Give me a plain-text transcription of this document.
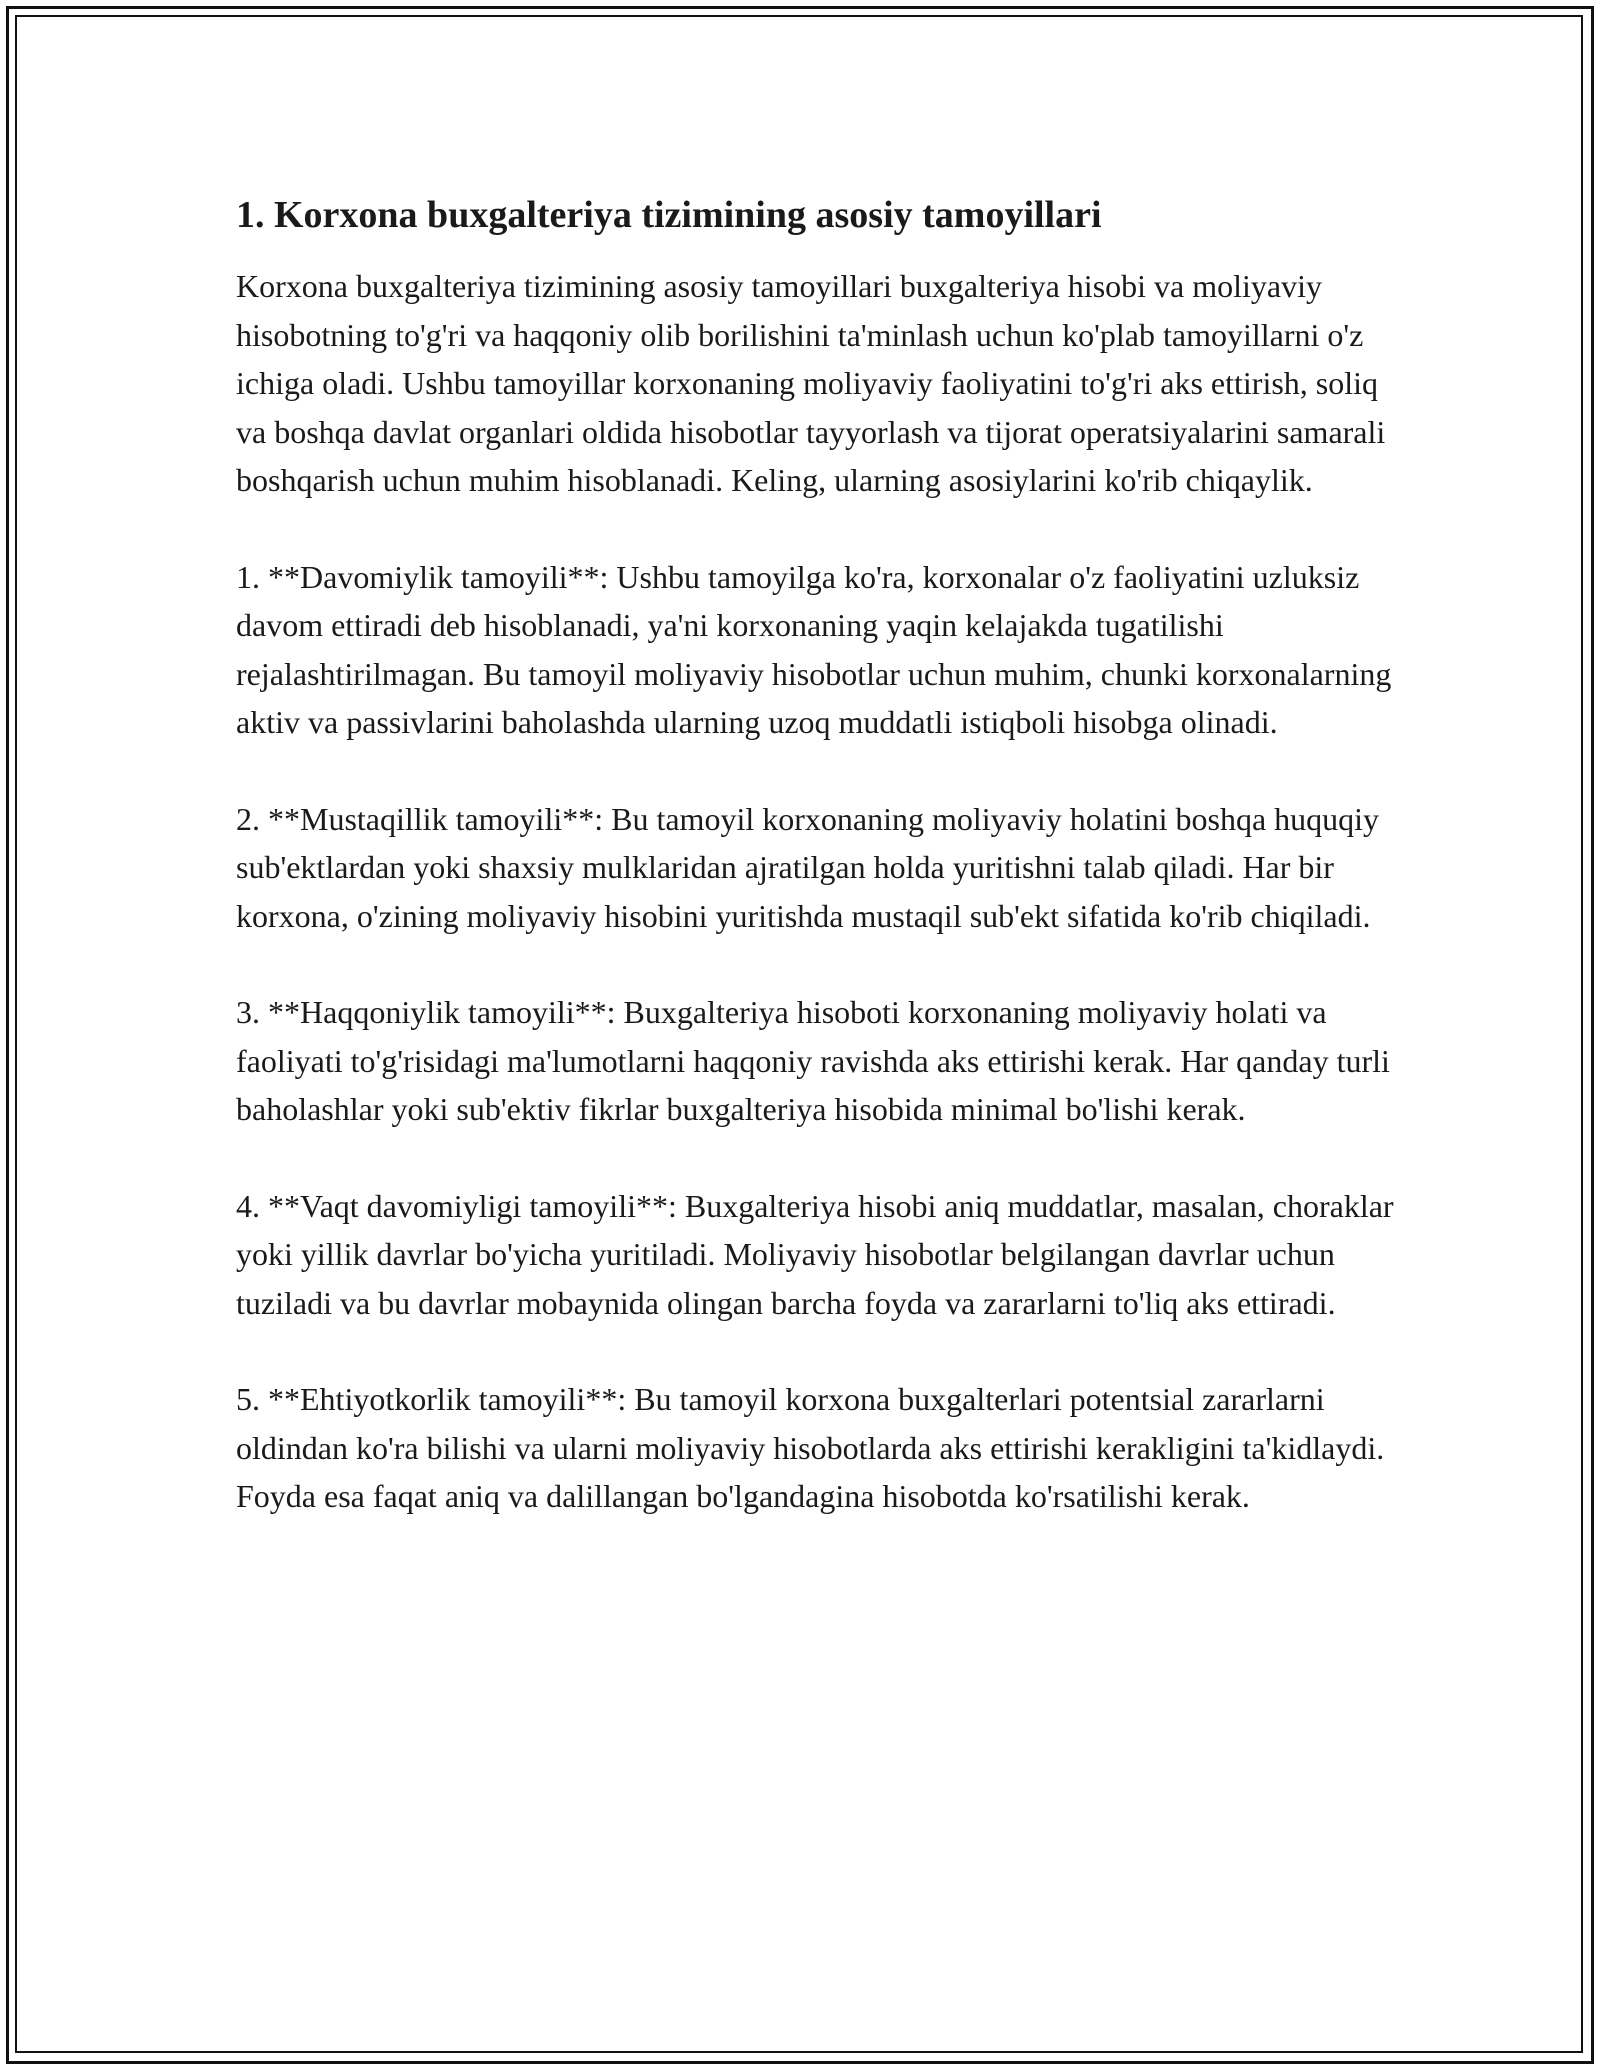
1. Korxona buxgalteriya tizimining asosiy tamoyillari

Korxona buxgalteriya tizimining asosiy tamoyillari buxgalteriya hisobi va moliyaviy hisobotning to'g'ri va haqqoniy olib borilishini ta'minlash uchun ko'plab tamoyillarni o'z ichiga oladi. Ushbu tamoyillar korxonaning moliyaviy faoliyatini to'g'ri aks ettirish, soliq va boshqa davlat organlari oldida hisobotlar tayyorlash va tijorat operatsiyalarini samarali boshqarish uchun muhim hisoblanadi. Keling, ularning asosiylarini ko'rib chiqaylik.

1. **Davomiylik tamoyili**: Ushbu tamoyilga ko'ra, korxonalar o'z faoliyatini uzluksiz davom ettiradi deb hisoblanadi, ya'ni korxonaning yaqin kelajakda tugatilishi rejalashtirilmagan. Bu tamoyil moliyaviy hisobotlar uchun muhim, chunki korxonalarning aktiv va passivlarini baholashda ularning uzoq muddatli istiqboli hisobga olinadi.

2. **Mustaqillik tamoyili**: Bu tamoyil korxonaning moliyaviy holatini boshqa huquqiy sub'ektlardan yoki shaxsiy mulklaridan ajratilgan holda yuritishni talab qiladi. Har bir korxona, o'zining moliyaviy hisobini yuritishda mustaqil sub'ekt sifatida ko'rib chiqiladi.

3. **Haqqoniylik tamoyili**: Buxgalteriya hisoboti korxonaning moliyaviy holati va faoliyati to'g'risidagi ma'lumotlarni haqqoniy ravishda aks ettirishi kerak. Har qanday turli baholashlar yoki sub'ektiv fikrlar buxgalteriya hisobida minimal bo'lishi kerak.

4. **Vaqt davomiyligi tamoyili**: Buxgalteriya hisobi aniq muddatlar, masalan, choraklar yoki yillik davrlar bo'yicha yuritiladi. Moliyaviy hisobotlar belgilangan davrlar uchun tuziladi va bu davrlar mobaynida olingan barcha foyda va zararlarni to'liq aks ettiradi.

5. **Ehtiyotkorlik tamoyili**: Bu tamoyil korxona buxgalterlari potentsial zararlarni oldindan ko'ra bilishi va ularni moliyaviy hisobotlarda aks ettirishi kerakligini ta'kidlaydi. Foyda esa faqat aniq va dalillangan bo'lgandagina hisobotda ko'rsatilishi kerak.
